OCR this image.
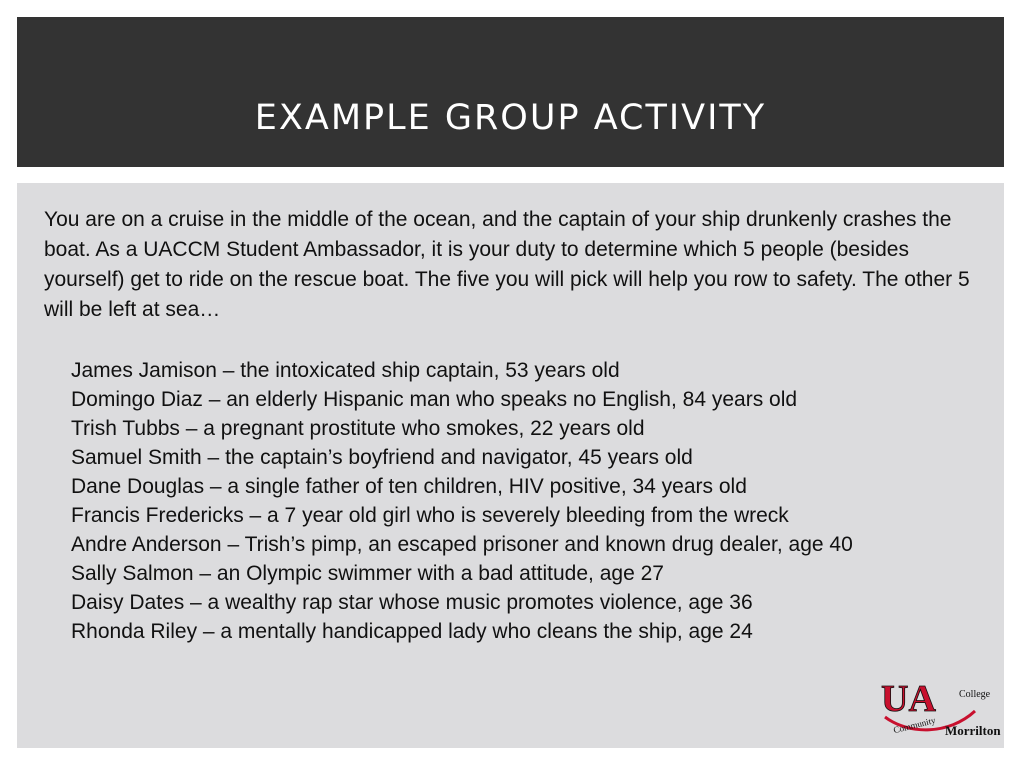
EXAMPLE GROUP ACTIVITY

You are on a cruise in the middle of the ocean, and the captain of your ship drunkenly crashes the boat. As a UACCM Student Ambassador, it is your duty to determine which 5 people (besides yourself) get to ride on the rescue boat. The five you will pick will help you row to safety. The other 5 will be left at sea…

James Jamison – the intoxicated ship captain, 53 years old
Domingo Diaz – an elderly Hispanic man who speaks no English, 84 years old
Trish Tubbs – a pregnant prostitute who smokes, 22 years old
Samuel Smith – the captain’s boyfriend and navigator, 45 years old
Dane Douglas – a single father of ten children, HIV positive, 34 years old
Francis Fredericks – a 7 year old girl who is severely bleeding from the wreck
Andre Anderson – Trish’s pimp, an escaped prisoner and known drug dealer, age 40
Sally Salmon – an Olympic swimmer with a bad attitude, age 27
Daisy Dates – a wealthy rap star whose music promotes violence, age 36
Rhonda Riley – a mentally handicapped lady who cleans the ship, age 24
UA College
Community Morrilton
